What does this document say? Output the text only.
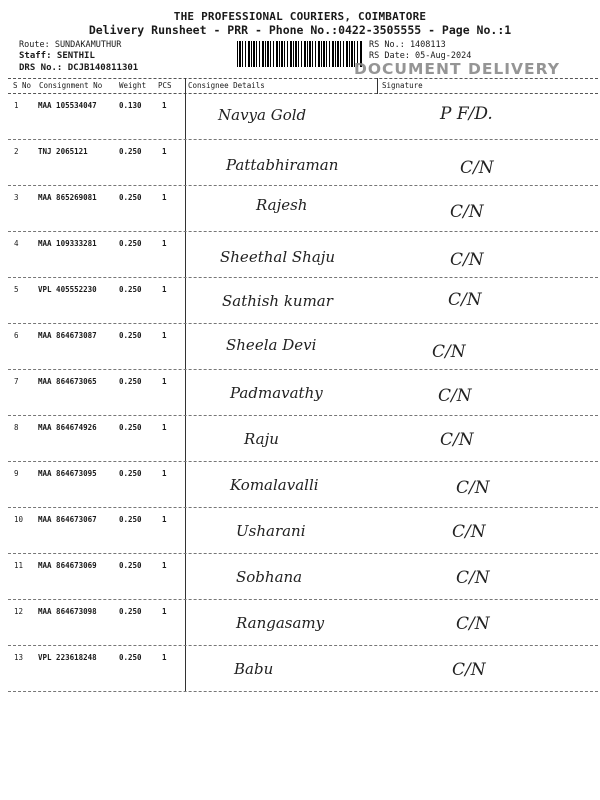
THE PROFESSIONAL COURIERS, COIMBATORE
Delivery Runsheet - PRR - Phone No.:0422-3505555 - Page No.:1
Route: SUNDAKAMUTHUR
Staff: SENTHIL
DRS No.: DCJB140811301
RS No.: 1408113
RS Date: 05-Aug-2024
DOCUMENT DELIVERY
S No Consignment No Weight PCS Consignee Details	Signature
1	MAA 105534047	0.130	1
Navya Gold	P F/D.
2	TNJ 2065121	0.250	1
Pattabhiraman	C/N
3	MAA 865269081	0.250	1	Rajesh	C/N
4	MAA 109333281	0.250	1
Sheethal Shaju	C/N
5	VPL 405552230	0.250	1
Sathish kumar	C/N
6	MAA 864673087	0.250	1
Sheela Devi	C/N
7	MAA 864673065	0.250	1
Padmavathy	C/N
8	MAA 864674926	0.250	1
Raju	C/N
9	MAA 864673095	0.250	1
Komalavalli	C/N
10 MAA 864673067	0.250	1
Usharani	C/N
11 MAA 864673069	0.250	1
Sobhana	C/N
12 MAA 864673098	0.250	1
Rangasamy	C/N
13 VPL 223618248	0.250	1
Babu	C/N
